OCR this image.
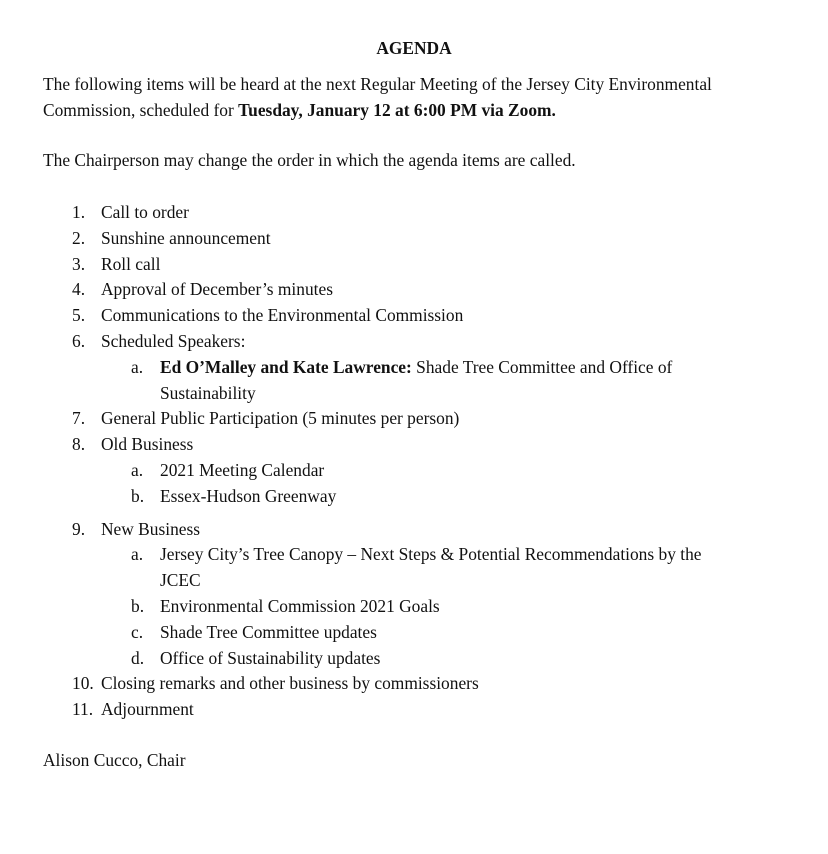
AGENDA
The following items will be heard at the next Regular Meeting of the Jersey City Environmental
Commission, scheduled for Tuesday, January 12 at 6:00 PM via Zoom.
The Chairperson may change the order in which the agenda items are called.
1. Call to order
2. Sunshine announcement
3. Roll call
4. Approval of December’s minutes
5. Communications to the Environmental Commission
6. Scheduled Speakers:
a. Ed O’Malley and Kate Lawrence: Shade Tree Committee and Office of
Sustainability
7. General Public Participation (5 minutes per person)
8. Old Business
a. 2021 Meeting Calendar
b. Essex-Hudson Greenway
9. New Business
a. Jersey City’s Tree Canopy – Next Steps & Potential Recommendations by the
JCEC
b. Environmental Commission 2021 Goals
c. Shade Tree Committee updates
d. Office of Sustainability updates
10. Closing remarks and other business by commissioners
11. Adjournment
Alison Cucco, Chair
